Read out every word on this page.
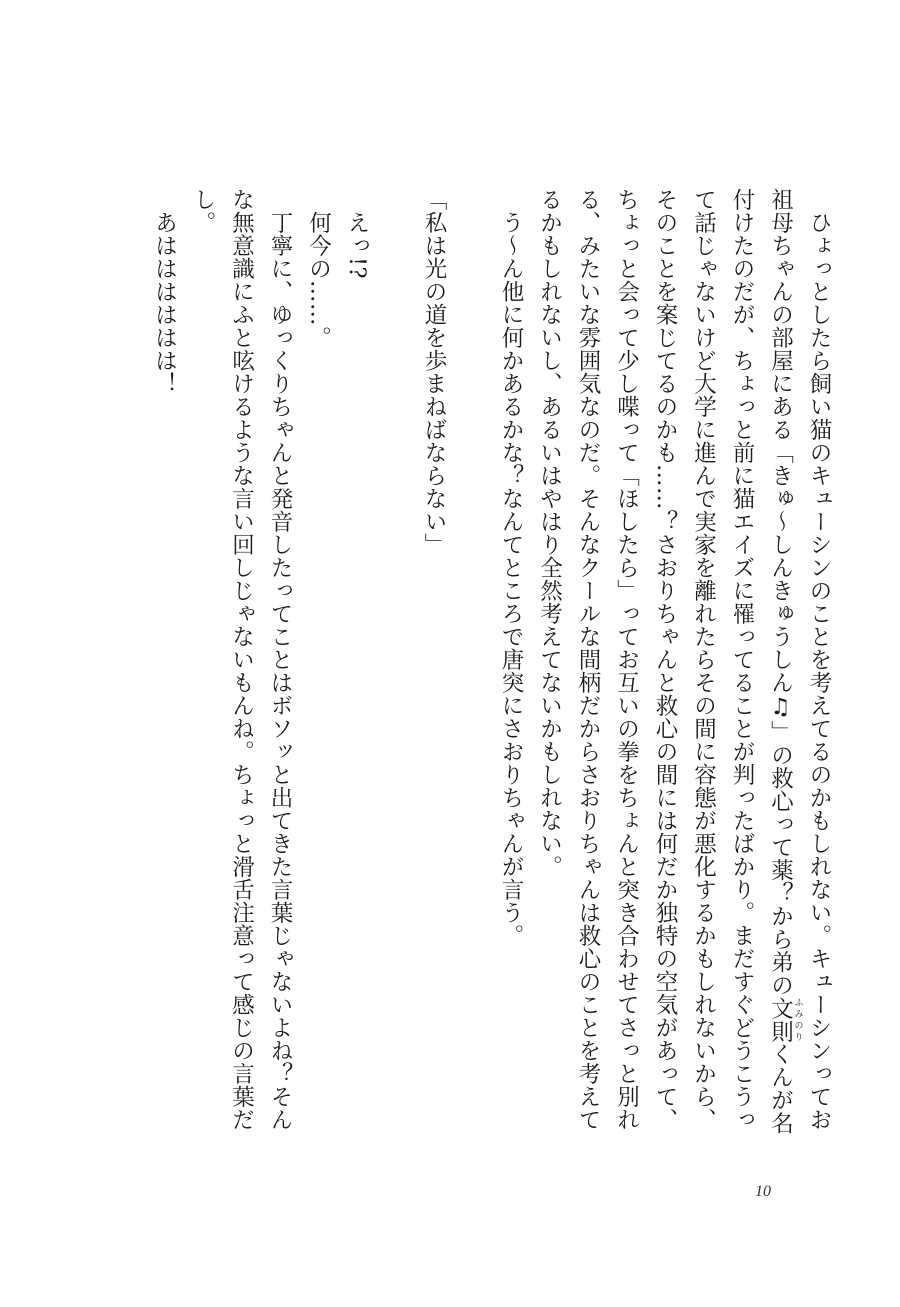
ひょっとしたら飼い猫のキューシンのことを考えてるのかもしれない。キューシンってお祖母ちゃんの部屋にある「きゅ〜しんきゅうしん♫」の救心って薬？から弟の文則 ふみのりくんが名付けたのだが、ちょっと前に猫エイズに罹ってることが判ったばかり。まだすぐどうこうって話じゃないけど大学に進んで実家を離れたらその間に容態が悪化するかもしれないから、そのことを案じてるのかも……？さおりちゃんと救心の間には何だか独特の空気があって、ちょっと会って少し喋って「ほしたら」ってお互いの拳をちょんと突き合わせてさっと別れる、みたいな雰囲気なのだ。そんなクールな間柄だからさおりちゃんは救心のことを考えてるかもしれないし、あるいはやはり全然考えてないかもしれない。

う〜ん他に何かあるかな？なんてところで唐突にさおりちゃんが言う。

「私は光の道を歩まねばならない」

えっ!?

何今の……。

丁寧に、ゆっくりちゃんと発音したってことはボソッと出てきた言葉じゃないよね？そんな無意識にふと呟けるような言い回しじゃないもんね。ちょっと滑舌注意って感じの言葉だし。

あはははははは！

10
